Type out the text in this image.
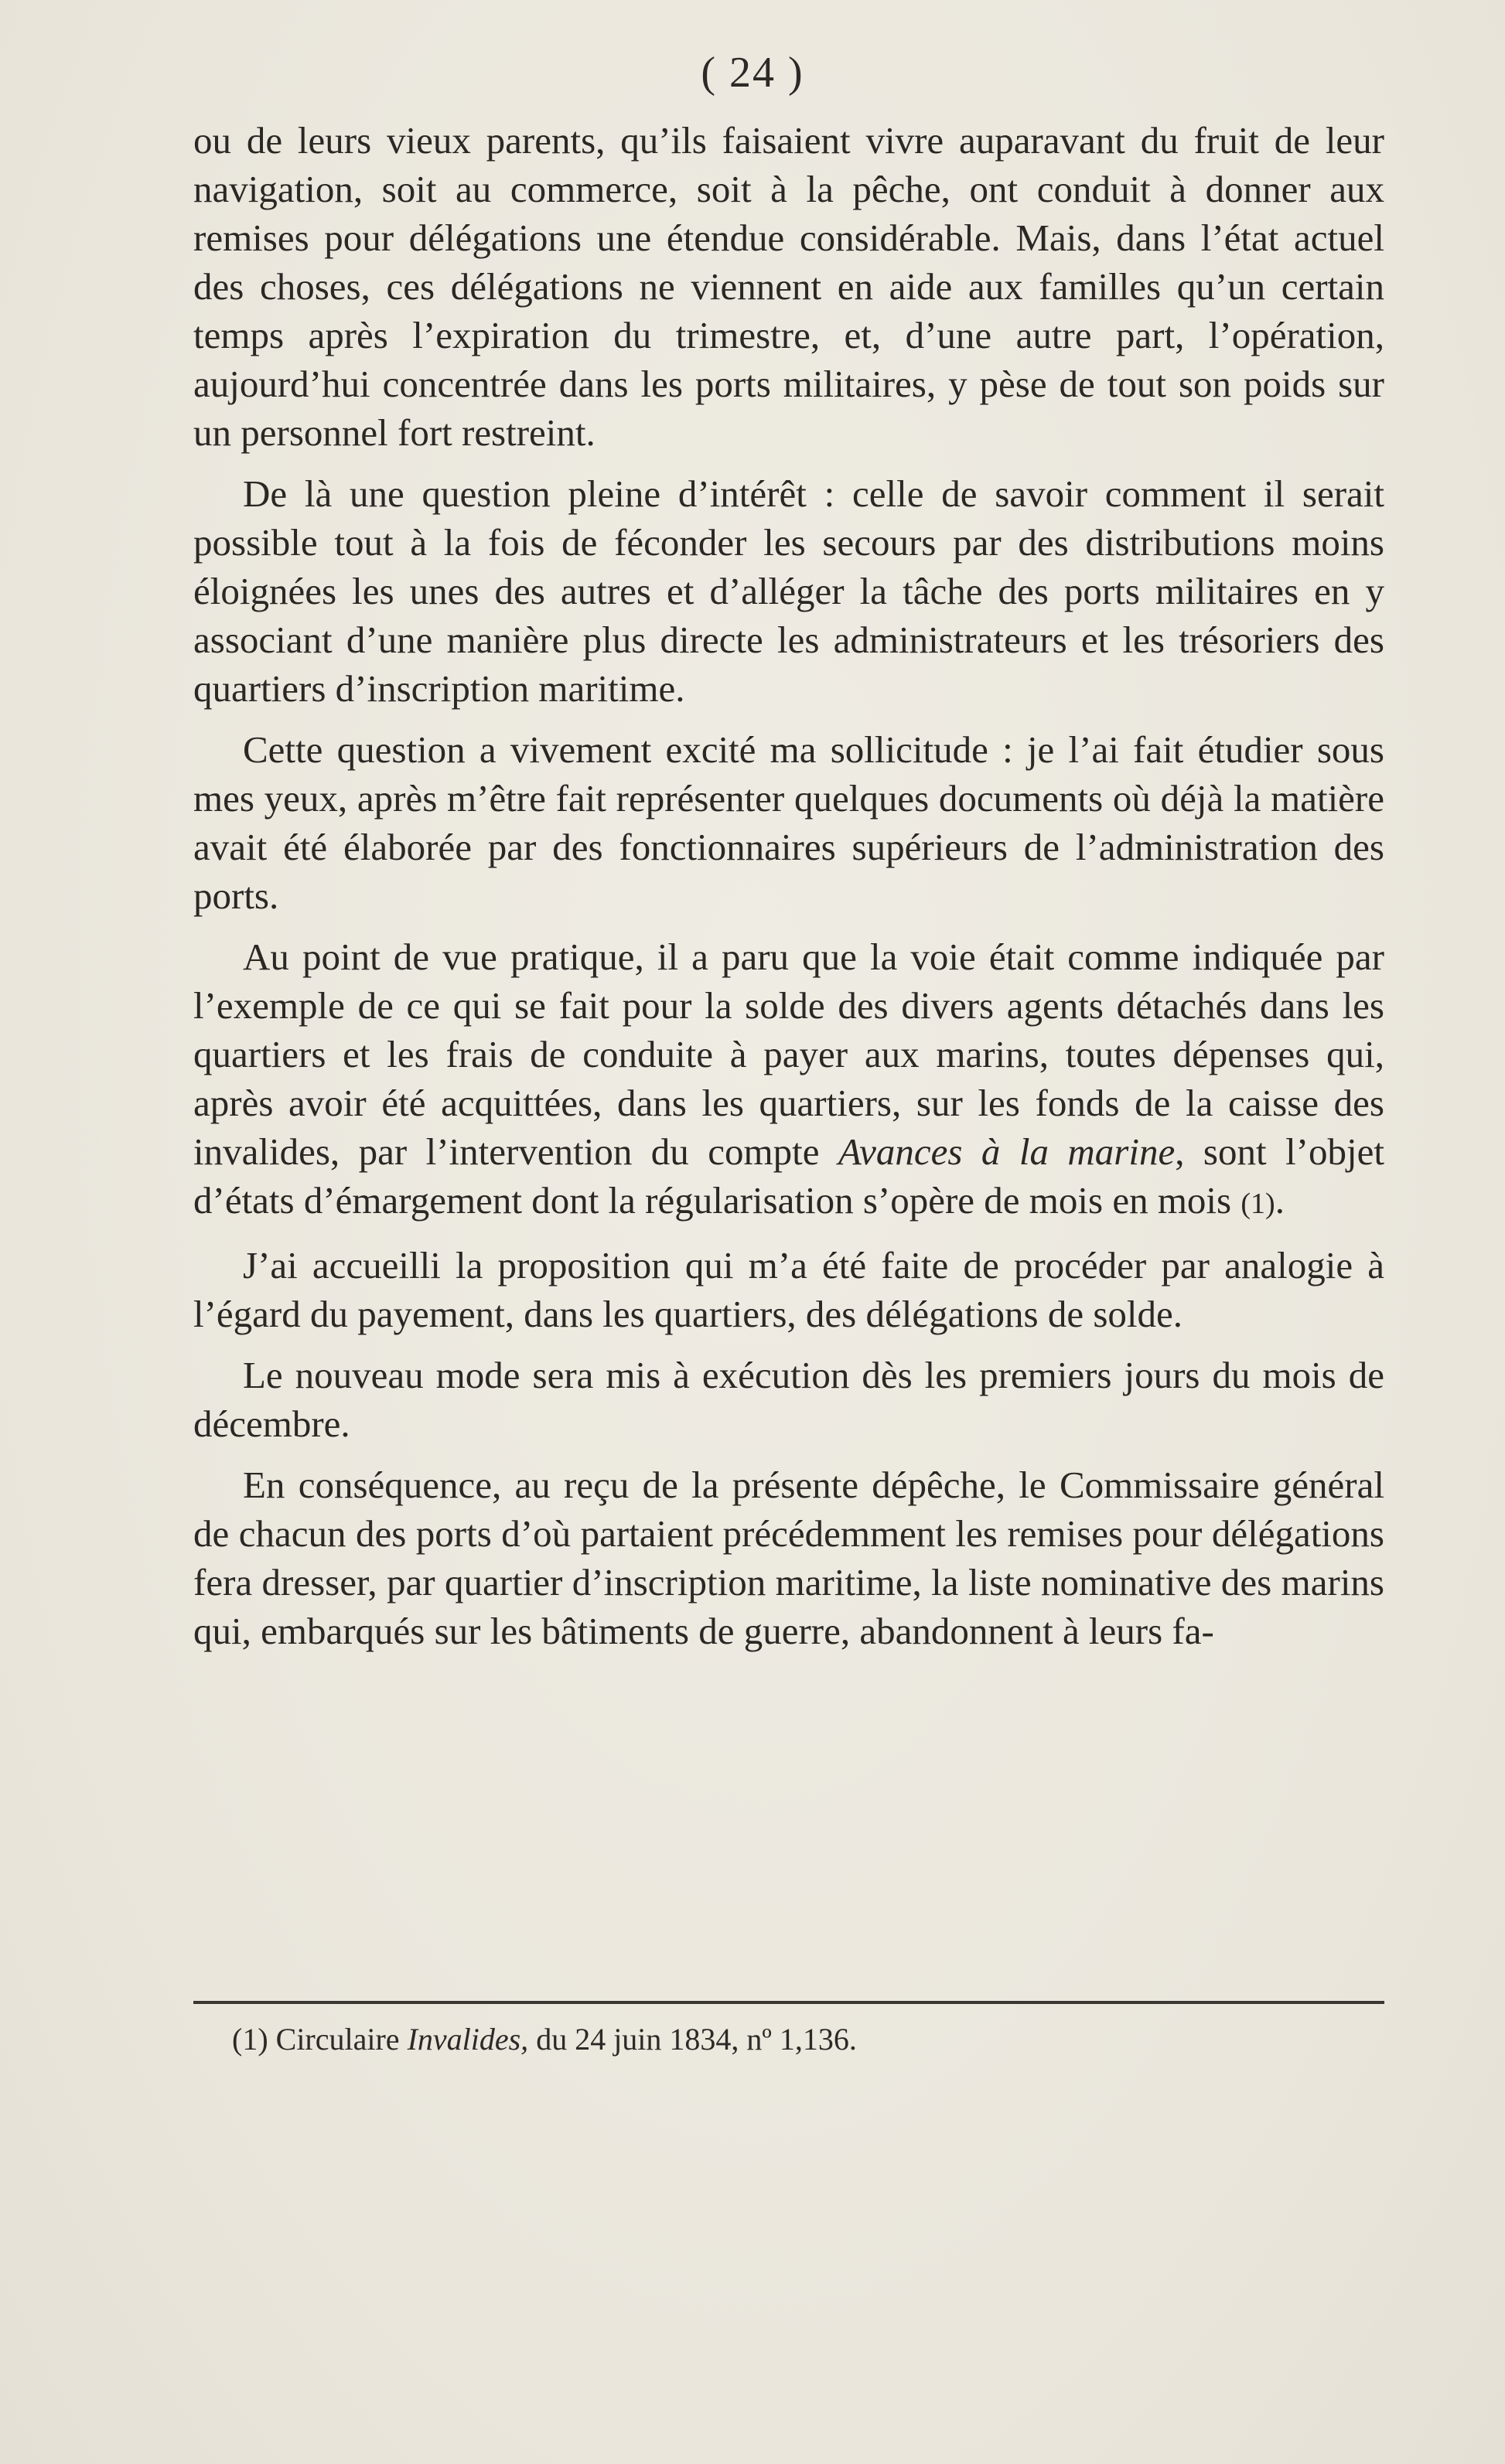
( 24 )

ou de leurs vieux parents, qu’ils faisaient vivre auparavant du fruit de leur navigation, soit au commerce, soit à la pêche, ont conduit à donner aux remises pour délégations une étendue considérable. Mais, dans l’état actuel des choses, ces délégations ne viennent en aide aux familles qu’un certain temps après l’expiration du trimestre, et, d’une autre part, l’opération, aujourd’hui concentrée dans les ports militaires, y pèse de tout son poids sur un personnel fort restreint.

De là une question pleine d’intérêt : celle de savoir comment il serait possible tout à la fois de féconder les secours par des distributions moins éloignées les unes des autres et d’alléger la tâche des ports militaires en y associant d’une manière plus directe les administrateurs et les trésoriers des quartiers d’inscription maritime.

Cette question a vivement excité ma sollicitude : je l’ai fait étudier sous mes yeux, après m’être fait représenter quelques documents où déjà la matière avait été élaborée par des fonctionnaires supérieurs de l’administration des ports.

Au point de vue pratique, il a paru que la voie était comme indiquée par l’exemple de ce qui se fait pour la solde des divers agents détachés dans les quartiers et les frais de conduite à payer aux marins, toutes dépenses qui, après avoir été acquittées, dans les quartiers, sur les fonds de la caisse des invalides, par l’intervention du compte Avances à la marine, sont l’objet d’états d’émargement dont la régularisation s’opère de mois en mois (1).

J’ai accueilli la proposition qui m’a été faite de procéder par analogie à l’égard du payement, dans les quartiers, des délégations de solde.

Le nouveau mode sera mis à exécution dès les premiers jours du mois de décembre.

En conséquence, au reçu de la présente dépêche, le Commissaire général de chacun des ports d’où partaient précédemment les remises pour délégations fera dresser, par quartier d’inscription maritime, la liste nominative des marins qui, embarqués sur les bâtiments de guerre, abandonnent à leurs fa-

(1) Circulaire Invalides, du 24 juin 1834, nº 1,136.
